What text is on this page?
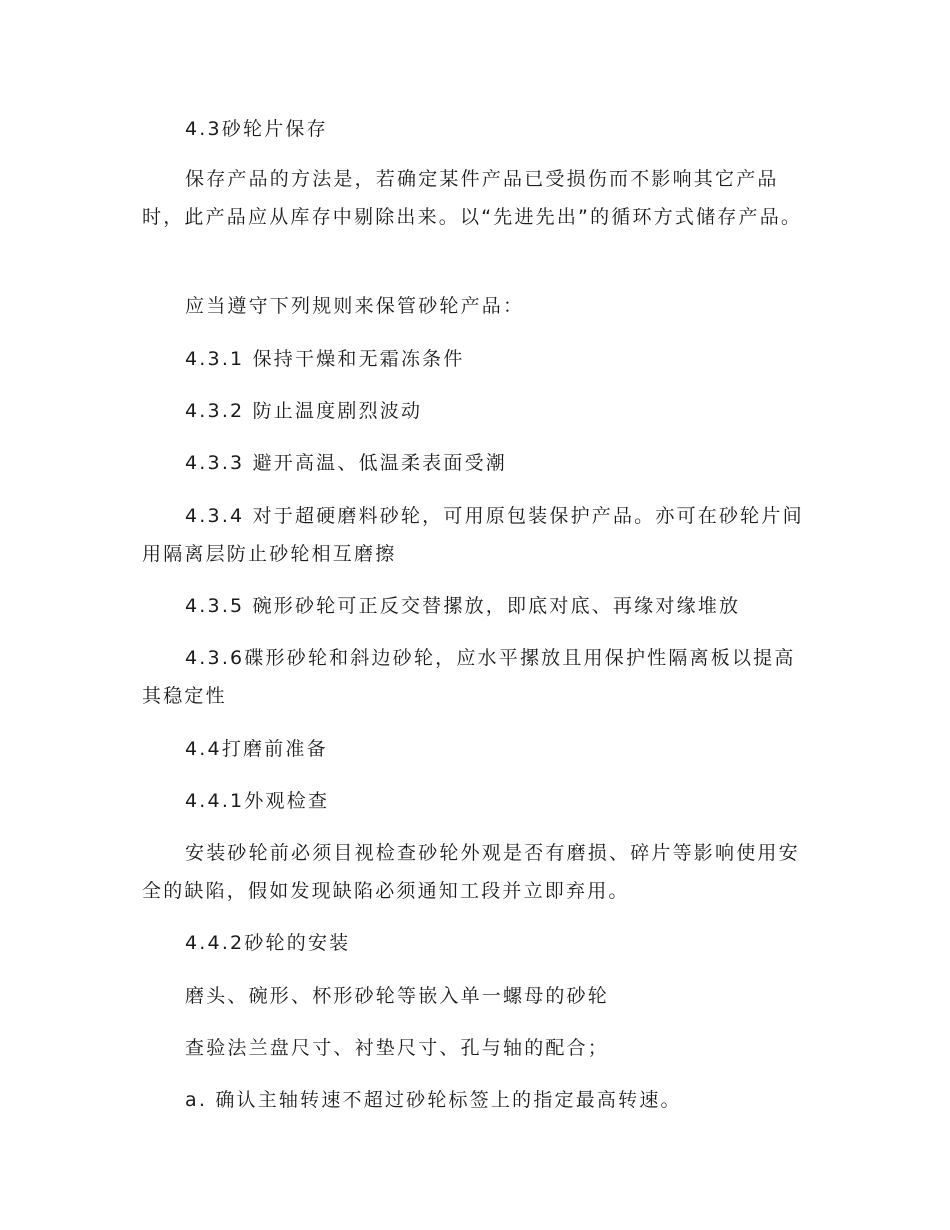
4.3砂轮片保存

保存产品的方法是，若确定某件产品已受损伤而不影响其它产品时，此产品应从库存中剔除出来。以“先进先出”的循环方式储存产品。

应当遵守下列规则来保管砂轮产品：

4.3.1 保持干燥和无霜冻条件

4.3.2 防止温度剧烈波动

4.3.3 避开高温、低温柔表面受潮

4.3.4 对于超硬磨料砂轮，可用原包装保护产品。亦可在砂轮片间用隔离层防止砂轮相互磨擦

4.3.5 碗形砂轮可正反交替摞放，即底对底、再缘对缘堆放

4.3.6碟形砂轮和斜边砂轮，应水平摞放且用保护性隔离板以提高其稳定性

4.4打磨前准备

4.4.1外观检查

安装砂轮前必须目视检查砂轮外观是否有磨损、碎片等影响使用安全的缺陷，假如发现缺陷必须通知工段并立即弃用。

4.4.2砂轮的安装

磨头、碗形、杯形砂轮等嵌入单一螺母的砂轮

查验法兰盘尺寸、衬垫尺寸、孔与轴的配合；

a. 确认主轴转速不超过砂轮标签上的指定最高转速。
